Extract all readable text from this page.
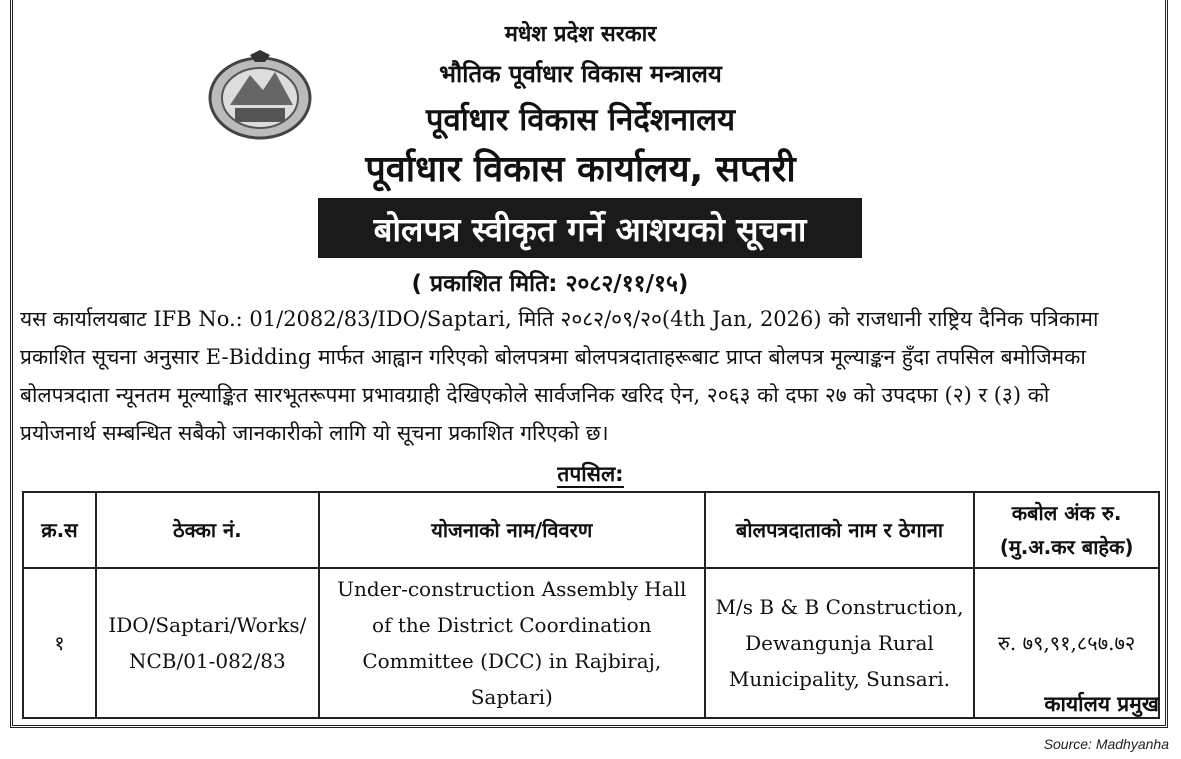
मधेश प्रदेश सरकार
भौतिक पूर्वाधार विकास मन्त्रालय
पूर्वाधार विकास निर्देशनालय
पूर्वाधार विकास कार्यालय, सप्तरी
बोलपत्र स्वीकृत गर्ने आशयको सूचना
( प्रकाशित मिति: २०८२/११/१५)

यस कार्यालयबाट IFB No.: 01/2082/83/IDO/Saptari, मिति २०८२/०९/२०(4th Jan, 2026) को राजधानी राष्ट्रिय दैनिक पत्रिकामा

प्रकाशित सूचना अनुसार E-Bidding मार्फत आह्वान गरिएको बोलपत्रमा बोलपत्रदाताहरूबाट प्राप्त बोलपत्र मूल्याङ्कन हुँदा तपसिल बमोजिमका

बोलपत्रदाता न्यूनतम मूल्याङ्कित सारभूतरूपमा प्रभावग्राही देखिएकोले सार्वजनिक खरिद ऐन, २०६३ को दफा २७ को उपदफा (२) र (३) को

प्रयोजनार्थ सम्बन्धित सबैको जानकारीको लागि यो सूचना प्रकाशित गरिएको छ।

तपसिल:
क्र.स	ठेक्का नं.	योजनाको नाम/विवरण	बोलपत्रदाताको नाम र ठेगाना	कबोल अंक रु. (मु.अ.कर बाहेक)
१	IDO/Saptari/Works/ NCB/01-082/83	Under-construction Assembly Hall of the District Coordination Committee (DCC) in Rajbiraj, Saptari)	M/s B & B Construction, Dewangunja Rural Municipality, Sunsari.	रु. ७९,९१,८५७.७२
कार्यालय प्रमुख
Source: Madhyanha
